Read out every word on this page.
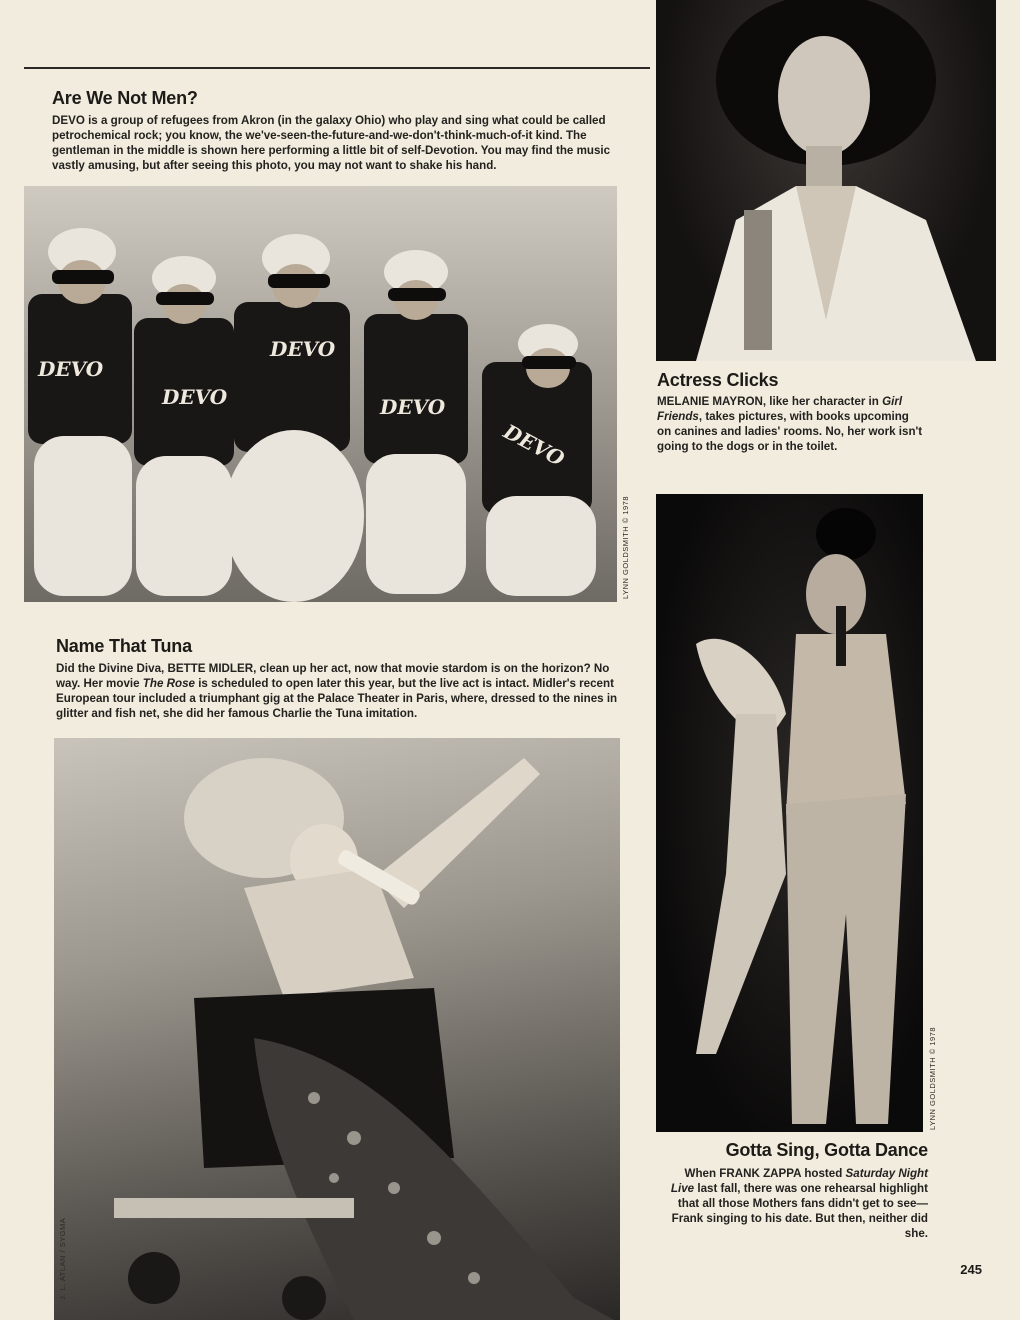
Are We Not Men?
DEVO is a group of refugees from Akron (in the galaxy Ohio) who play and sing what could be called petrochemical rock; you know, the we've-seen-the-future-and-we-don't-think-much-of-it kind. The gentleman in the middle is shown here performing a little bit of self-Devotion. You may find the music vastly amusing, but after seeing this photo, you may not want to shake his hand.
DEVO
DEVO
DEVO
DEVO
DEVO
LYNN GOLDSMITH © 1978
Actress Clicks
MELANIE MAYRON, like her character in Girl Friends, takes pictures, with books upcoming on canines and ladies' rooms. No, her work isn't going to the dogs or in the toilet.
Name That Tuna
Did the Divine Diva, BETTE MIDLER, clean up her act, now that movie stardom is on the horizon? No way. Her movie The Rose is scheduled to open later this year, but the live act is intact. Midler's recent European tour included a triumphant gig at the Palace Theater in Paris, where, dressed to the nines in glitter and fish net, she did her famous Charlie the Tuna imitation.
J. L. ATLAN / SYGMA
LYNN GOLDSMITH © 1978
Gotta Sing, Gotta Dance
When FRANK ZAPPA hosted Saturday Night Live last fall, there was one rehearsal highlight that all those Mothers fans didn't get to see—Frank singing to his date. But then, neither did she.
245
